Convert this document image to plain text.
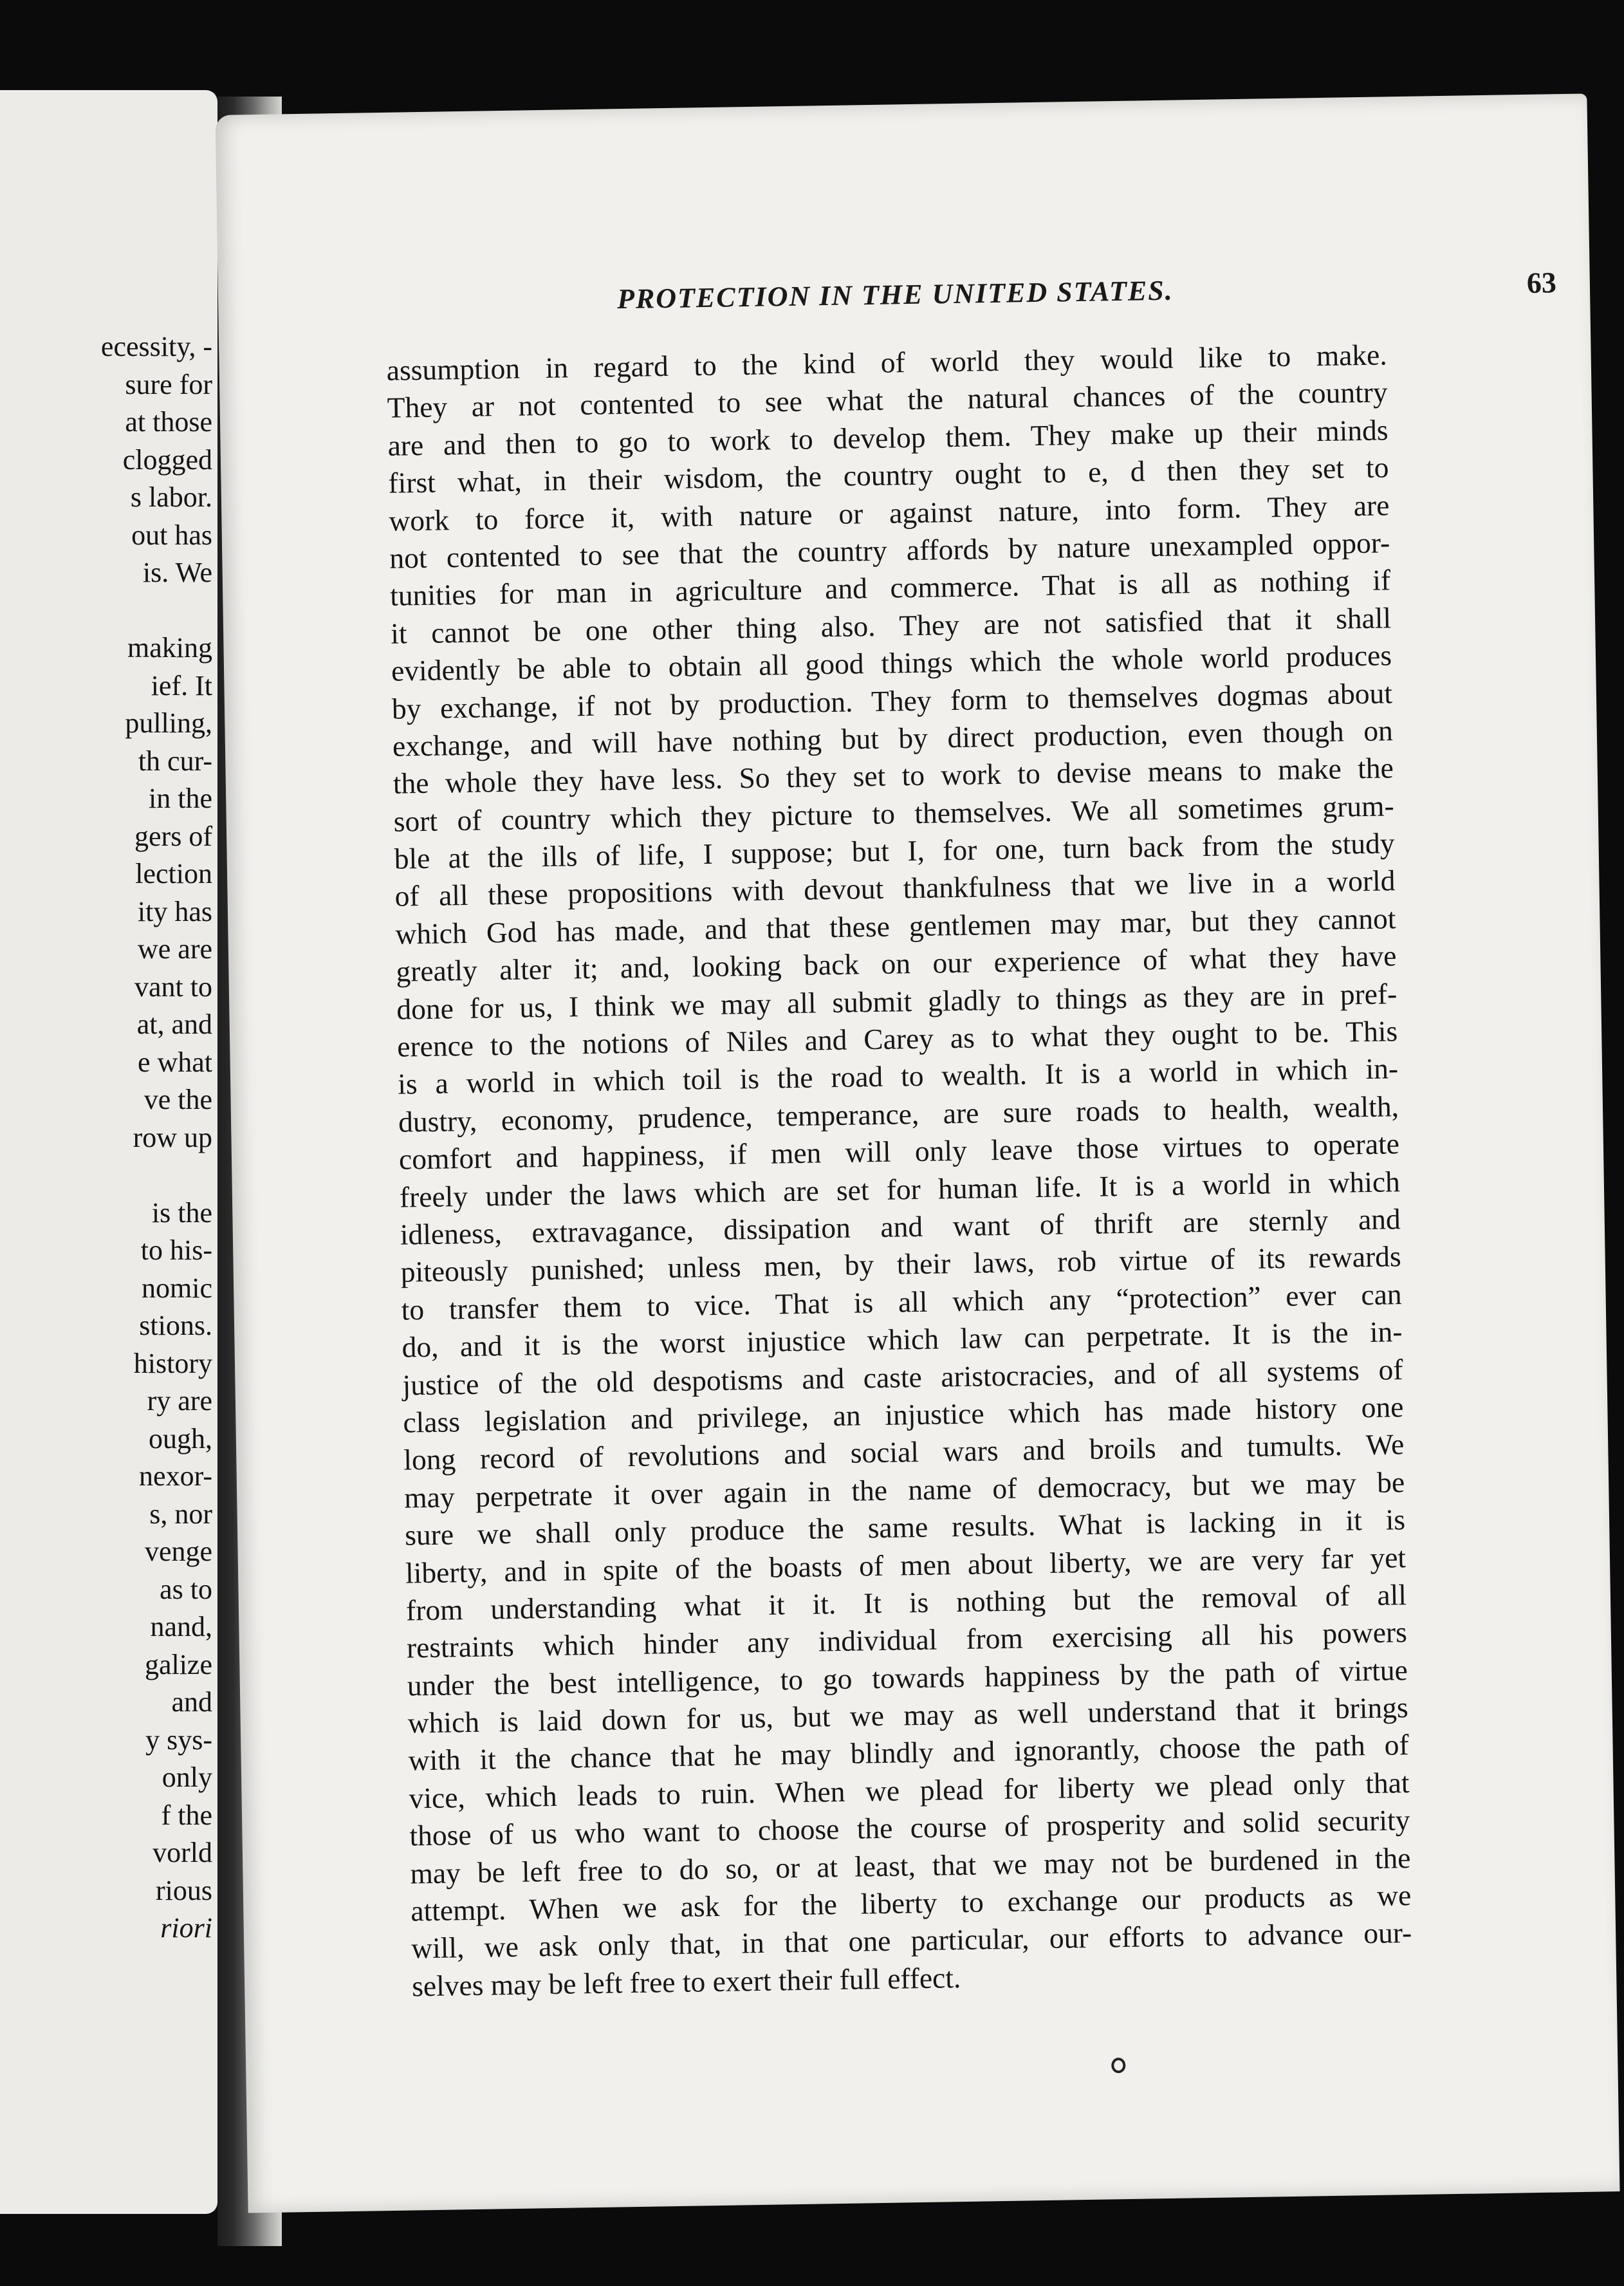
ecessity, -
sure for
at those
clogged
s labor.
out has
is. We
making
ief. It
pulling,
th cur-
in the
gers of
lection
ity has
we are
vant to
at, and
e what
ve the
row up
is the
to his-
nomic
stions.
history
ry are
ough,
nexor-
s, nor
venge
as to
nand,
galize
and
y sys-
only
f the
vorld
rious
riori
PROTECTION IN THE UNITED STATES.	63
assumption in regard to the kind of world they would like to make.
They ar not contented to see what the natural chances of the country
are and then to go to work to develop them. They make up their minds
first what, in their wisdom, the country ought to e, d then they set to
work to force it, with nature or against nature, into form. They are
not contented to see that the country affords by nature unexampled oppor-
tunities for man in agriculture and commerce. That is all as nothing if
it cannot be one other thing also. They are not satisfied that it shall
evidently be able to obtain all good things which the whole world produces
by exchange, if not by production. They form to themselves dogmas about
exchange, and will have nothing but by direct production, even though on
the whole they have less. So they set to work to devise means to make the
sort of country which they picture to themselves. We all sometimes grum-
ble at the ills of life, I suppose; but I, for one, turn back from the study
of all these propositions with devout thankfulness that we live in a world
which God has made, and that these gentlemen may mar, but they cannot
greatly alter it; and, looking back on our experience of what they have
done for us, I think we may all submit gladly to things as they are in pref-
erence to the notions of Niles and Carey as to what they ought to be. This
is a world in which toil is the road to wealth. It is a world in which in-
dustry, economy, prudence, temperance, are sure roads to health, wealth,
comfort and happiness, if men will only leave those virtues to operate
freely under the laws which are set for human life. It is a world in which
idleness, extravagance, dissipation and want of thrift are sternly and
piteously punished; unless men, by their laws, rob virtue of its rewards
to transfer them to vice. That is all which any “protection” ever can
do, and it is the worst injustice which law can perpetrate. It is the in-
justice of the old despotisms and caste aristocracies, and of all systems of
class legislation and privilege, an injustice which has made history one
long record of revolutions and social wars and broils and tumults. We
may perpetrate it over again in the name of democracy, but we may be
sure we shall only produce the same results. What is lacking in it is
liberty, and in spite of the boasts of men about liberty, we are very far yet
from understanding what it it. It is nothing but the removal of all
restraints which hinder any individual from exercising all his powers
under the best intelligence, to go towards happiness by the path of virtue
which is laid down for us, but we may as well understand that it brings
with it the chance that he may blindly and ignorantly, choose the path of
vice, which leads to ruin. When we plead for liberty we plead only that
those of us who want to choose the course of prosperity and solid security
may be left free to do so, or at least, that we may not be burdened in the
attempt. When we ask for the liberty to exchange our products as we
will, we ask only that, in that one particular, our efforts to advance our-
selves may be left free to exert their full effect.
